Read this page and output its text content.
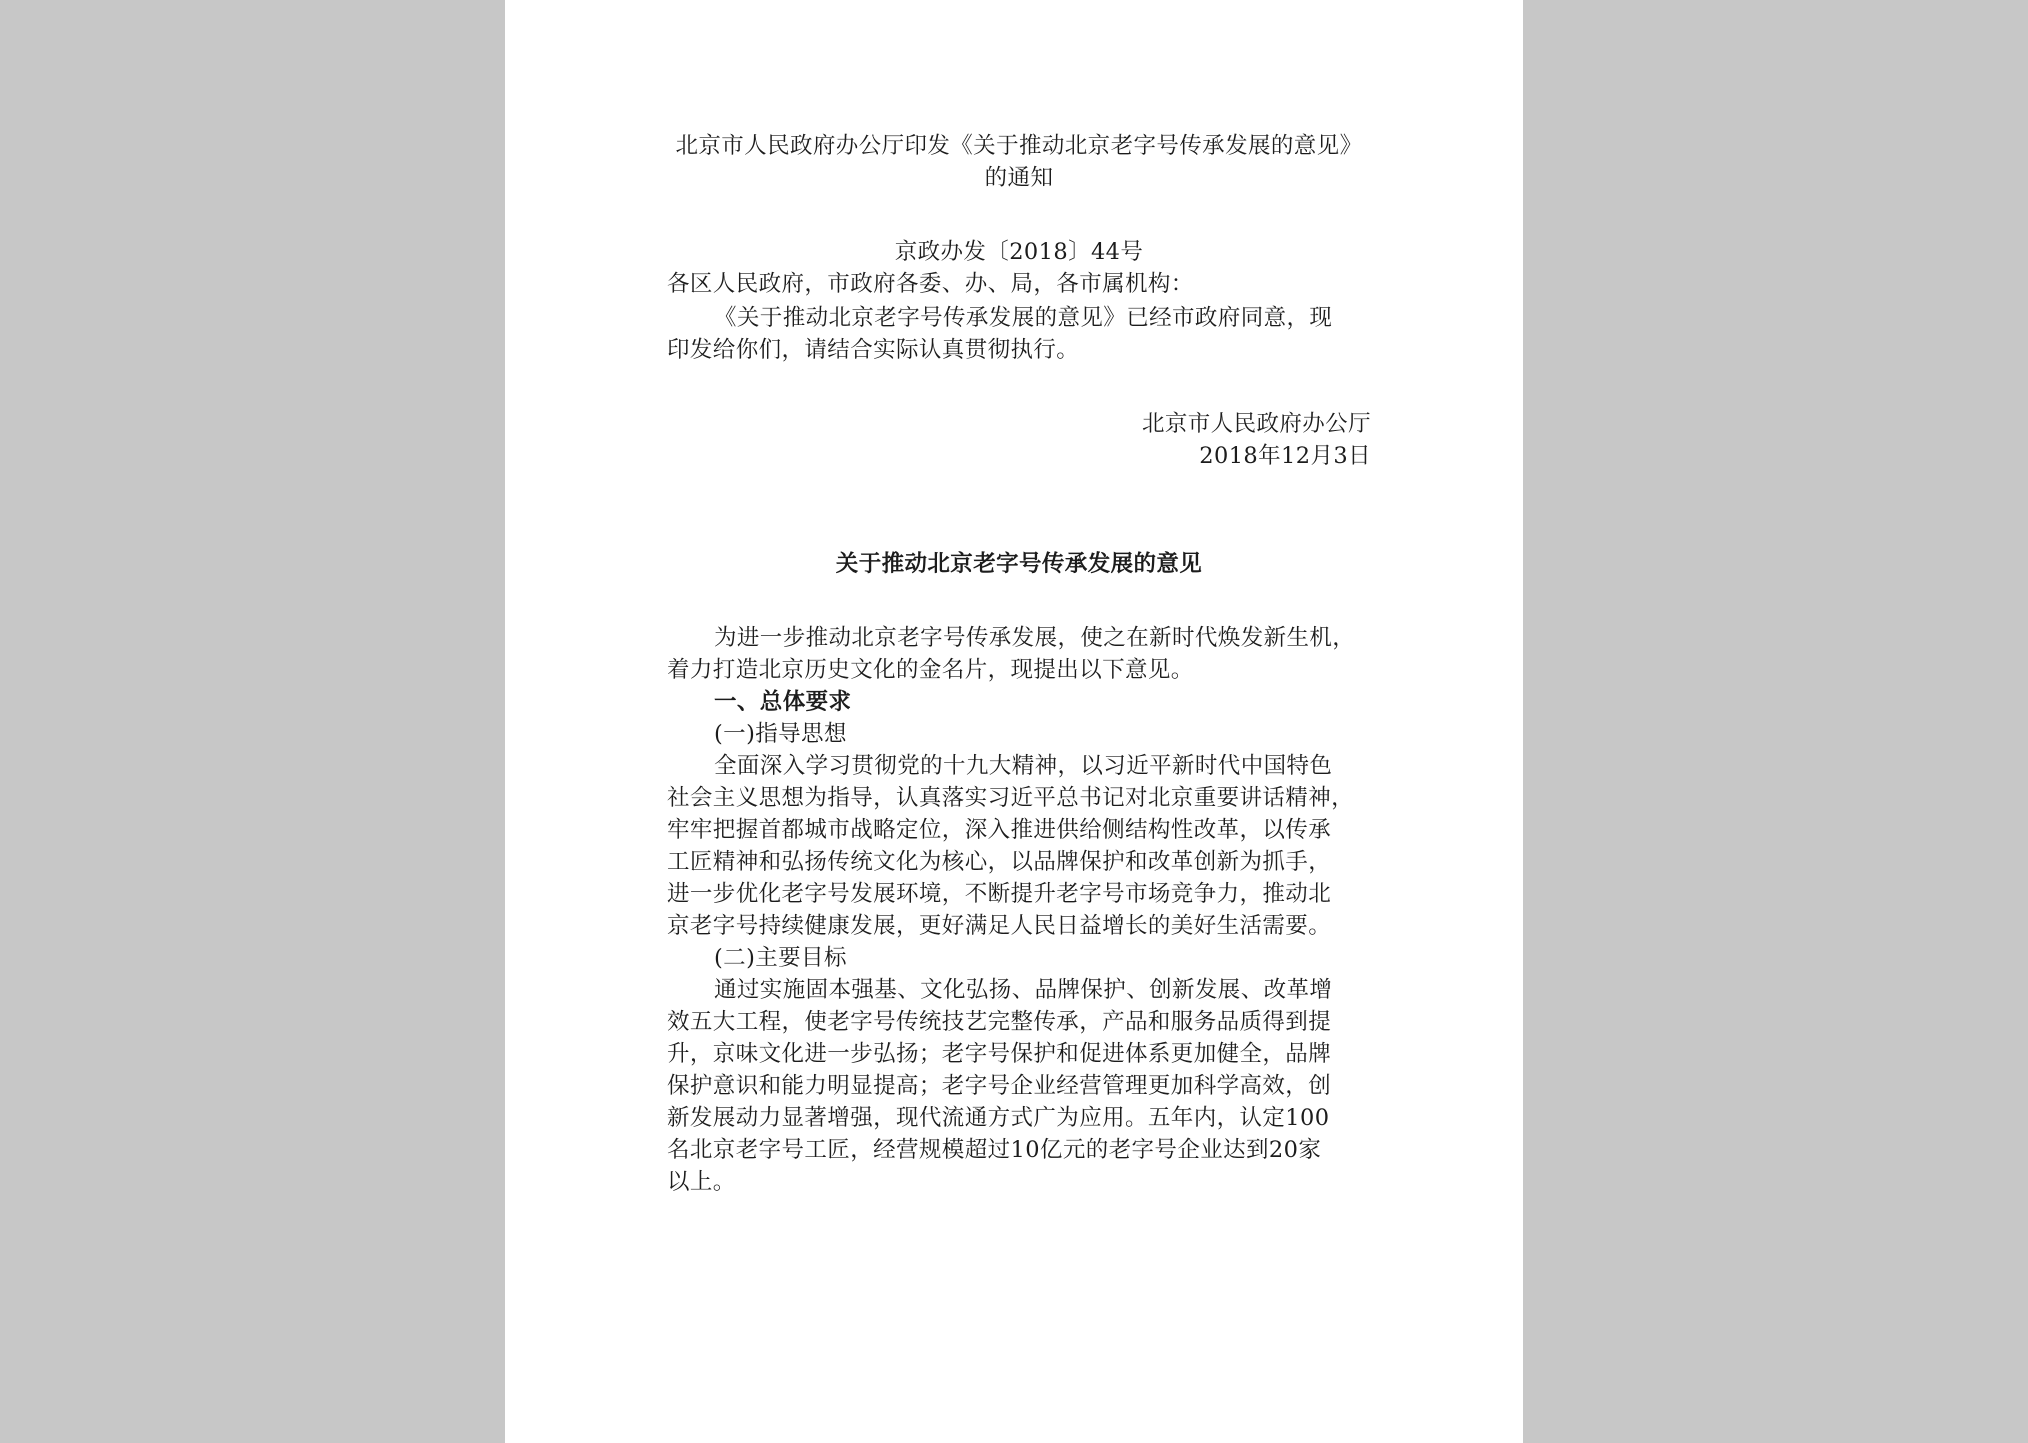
北京市人民政府办公厅印发《关于推动北京老字号传承发展的意见》
的通知
京政办发〔2018〕44号
各区人民政府，市政府各委、办、局，各市属机构：
《关于推动北京老字号传承发展的意见》已经市政府同意，现
印发给你们，请结合实际认真贯彻执行。
北京市人民政府办公厅
2018年12月3日
关于推动北京老字号传承发展的意见
为进一步推动北京老字号传承发展，使之在新时代焕发新生机，
着力打造北京历史文化的金名片，现提出以下意见。
一、总体要求
(一)指导思想
全面深入学习贯彻党的十九大精神，以习近平新时代中国特色
社会主义思想为指导，认真落实习近平总书记对北京重要讲话精神，
牢牢把握首都城市战略定位，深入推进供给侧结构性改革，以传承
工匠精神和弘扬传统文化为核心，以品牌保护和改革创新为抓手，
进一步优化老字号发展环境，不断提升老字号市场竞争力，推动北
京老字号持续健康发展，更好满足人民日益增长的美好生活需要。
(二)主要目标
通过实施固本强基、文化弘扬、品牌保护、创新发展、改革增
效五大工程，使老字号传统技艺完整传承，产品和服务品质得到提
升，京味文化进一步弘扬；老字号保护和促进体系更加健全，品牌
保护意识和能力明显提高；老字号企业经营管理更加科学高效，创
新发展动力显著增强，现代流通方式广为应用。五年内，认定100
名北京老字号工匠，经营规模超过10亿元的老字号企业达到20家
以上。
